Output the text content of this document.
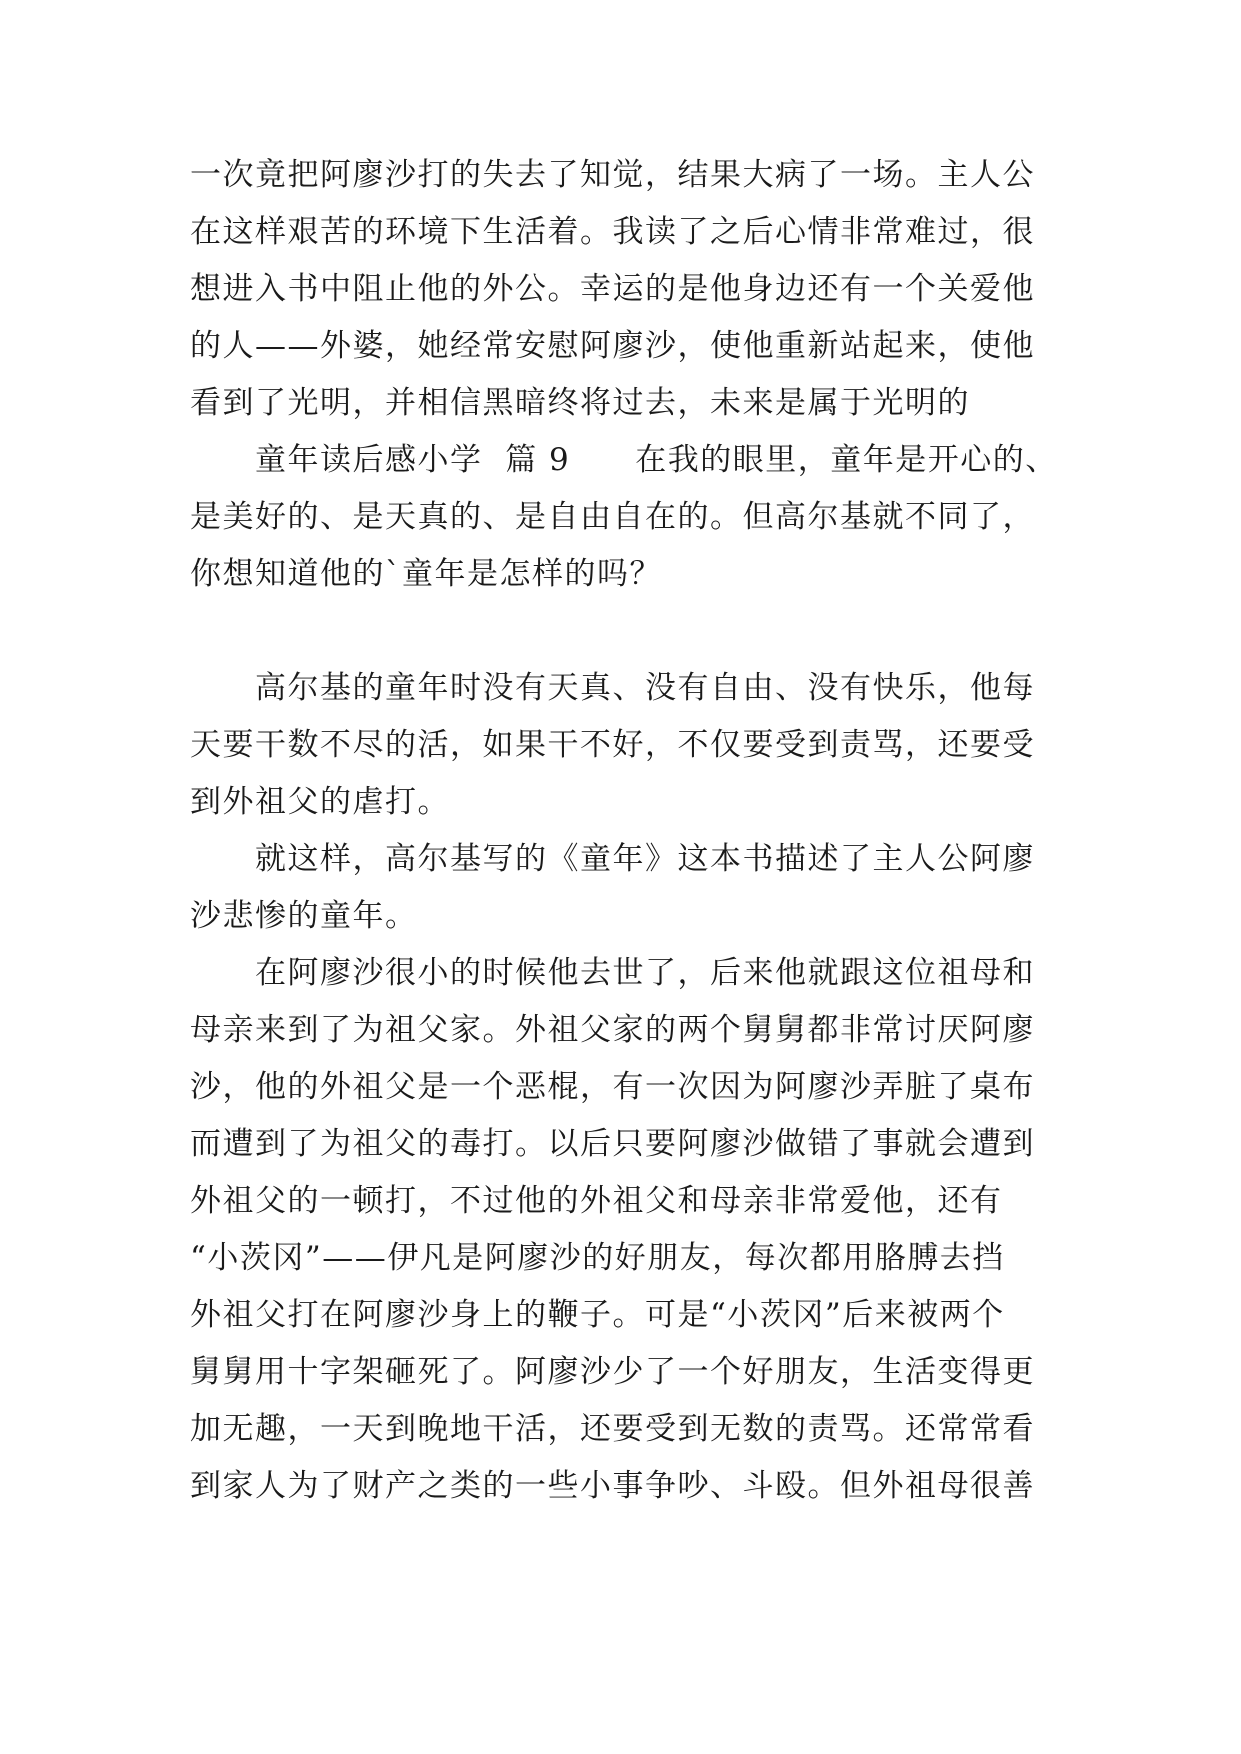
一次竟把阿廖沙打的失去了知觉，结果大病了一场。主人公
在这样艰苦的环境下生活着。我读了之后心情非常难过，很
想进入书中阻止他的外公。幸运的是他身边还有一个关爱他
的人——外婆，她经常安慰阿廖沙，使他重新站起来，使他
看到了光明，并相信黑暗终将过去，未来是属于光明的
　　童年读后感小学  篇 9　　在我的眼里，童年是开心的、
是美好的、是天真的、是自由自在的。但高尔基就不同了，
你想知道他的`童年是怎样的吗？
　　高尔基的童年时没有天真、没有自由、没有快乐，他每
天要干数不尽的活，如果干不好，不仅要受到责骂，还要受
到外祖父的虐打。
　　就这样，高尔基写的《童年》这本书描述了主人公阿廖
沙悲惨的童年。
　　在阿廖沙很小的时候他去世了，后来他就跟这位祖母和
母亲来到了为祖父家。外祖父家的两个舅舅都非常讨厌阿廖
沙，他的外祖父是一个恶棍，有一次因为阿廖沙弄脏了桌布
而遭到了为祖父的毒打。以后只要阿廖沙做错了事就会遭到
外祖父的一顿打，不过他的外祖父和母亲非常爱他，还有
“小茨冈”——伊凡是阿廖沙的好朋友，每次都用胳膊去挡
外祖父打在阿廖沙身上的鞭子。可是“小茨冈”后来被两个
舅舅用十字架砸死了。阿廖沙少了一个好朋友，生活变得更
加无趣，一天到晚地干活，还要受到无数的责骂。还常常看
到家人为了财产之类的一些小事争吵、斗殴。但外祖母很善
